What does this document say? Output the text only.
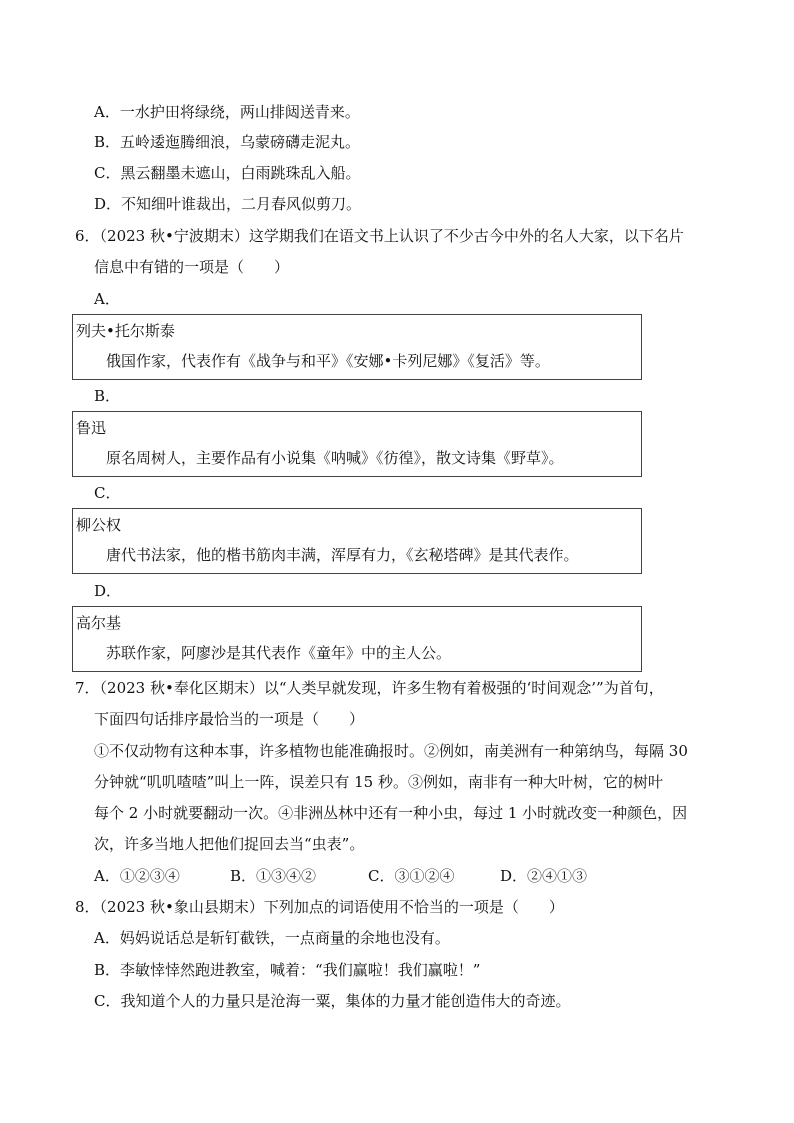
A．一水护田将绿绕，两山排闼送青来。
B．五岭逶迤腾细浪，乌蒙磅礴走泥丸。
C．黑云翻墨未遮山，白雨跳珠乱入船。
D．不知细叶谁裁出，二月春风似剪刀。
6．（2023 秋•宁波期末）这学期我们在语文书上认识了不少古今中外的名人大家，以下名片
信息中有错的一项是（　　）
A．
列夫•托尔斯泰
俄国作家，代表作有《战争与和平》《安娜•卡列尼娜》《复活》等。
B．
鲁迅
原名周树人，主要作品有小说集《呐喊》《彷徨》，散文诗集《野草》。
C．
柳公权
唐代书法家，他的楷书筋肉丰满，浑厚有力，《玄秘塔碑》是其代表作。
D．
高尔基
苏联作家，阿廖沙是其代表作《童年》中的主人公。
7．（2023 秋•奉化区期末）以“人类早就发现，许多生物有着极强的‘时间观念’”为首句，
下面四句话排序最恰当的一项是（　　）
①不仅动物有这种本事，许多植物也能准确报时。②例如，南美洲有一种第纳鸟，每隔 30
分钟就“叽叽喳喳”叫上一阵，误差只有 15 秒。③例如，南非有一种大叶树，它的树叶
每个 2 小时就要翻动一次。④非洲丛林中还有一种小虫，每过 1 小时就改变一种颜色，因
次，许多当地人把他们捉回去当“虫表”。
A．①②③④	B．①③④②	C．③①②④	D．②④①③
8．（2023 秋•象山县期末）下列加点的词语使用不恰当的一项是（　　）
A．妈妈说话总是斩钉截铁，一点商量的余地也没有。
B．李敏悻悻然跑进教室，喊着：“我们赢啦！我们赢啦！”
C．我知道个人的力量只是沧海一粟，集体的力量才能创造伟大的奇迹。
